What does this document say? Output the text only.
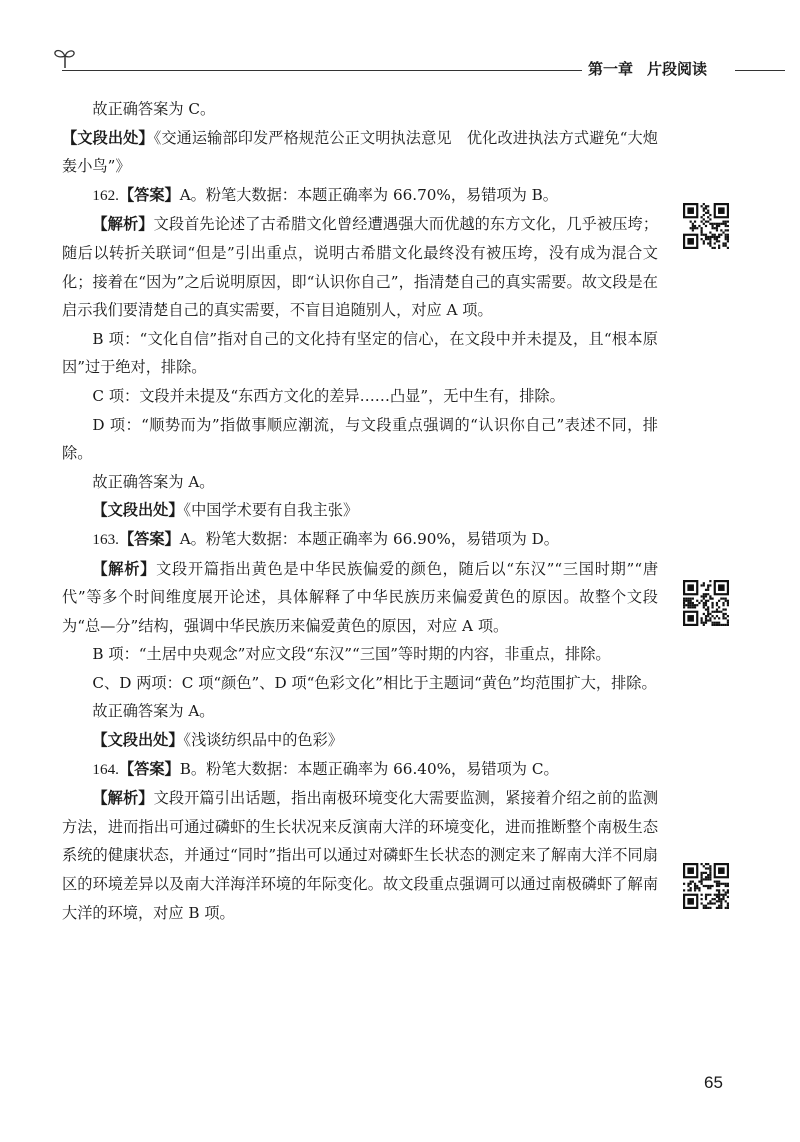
第一章 片段阅读

故正确答案为 C。

【文段出处】《交通运输部印发严格规范公正文明执法意见　优化改进执法方式避免“大炮轰小鸟”》

162.【答案】A。粉笔大数据：本题正确率为 66.70%，易错项为 B。

【解析】文段首先论述了古希腊文化曾经遭遇强大而优越的东方文化，几乎被压垮；随后以转折关联词“但是”引出重点，说明古希腊文化最终没有被压垮，没有成为混合文化；接着在“因为”之后说明原因，即“认识你自己”，指清楚自己的真实需要。故文段是在启示我们要清楚自己的真实需要，不盲目追随别人，对应 A 项。

B 项：“文化自信”指对自己的文化持有坚定的信心，在文段中并未提及，且“根本原因”过于绝对，排除。

C 项：文段并未提及“东西方文化的差异……凸显”，无中生有，排除。

D 项：“顺势而为”指做事顺应潮流，与文段重点强调的“认识你自己”表述不同，排除。

故正确答案为 A。

【文段出处】《中国学术要有自我主张》

163.【答案】A。粉笔大数据：本题正确率为 66.90%，易错项为 D。

【解析】文段开篇指出黄色是中华民族偏爱的颜色，随后以“东汉”“三国时期”“唐代”等多个时间维度展开论述，具体解释了中华民族历来偏爱黄色的原因。故整个文段为“总—分”结构，强调中华民族历来偏爱黄色的原因，对应 A 项。

B 项：“土居中央观念”对应文段“东汉”“三国”等时期的内容，非重点，排除。

C、D 两项：C 项“颜色”、D 项“色彩文化”相比于主题词“黄色”均范围扩大，排除。

故正确答案为 A。

【文段出处】《浅谈纺织品中的色彩》

164.【答案】B。粉笔大数据：本题正确率为 66.40%，易错项为 C。

【解析】文段开篇引出话题，指出南极环境变化大需要监测，紧接着介绍之前的监测方法，进而指出可通过磷虾的生长状况来反演南大洋的环境变化，进而推断整个南极生态系统的健康状态，并通过“同时”指出可以通过对磷虾生长状态的测定来了解南大洋不同扇区的环境差异以及南大洋海洋环境的年际变化。故文段重点强调可以通过南极磷虾了解南大洋的环境，对应 B 项。

65
